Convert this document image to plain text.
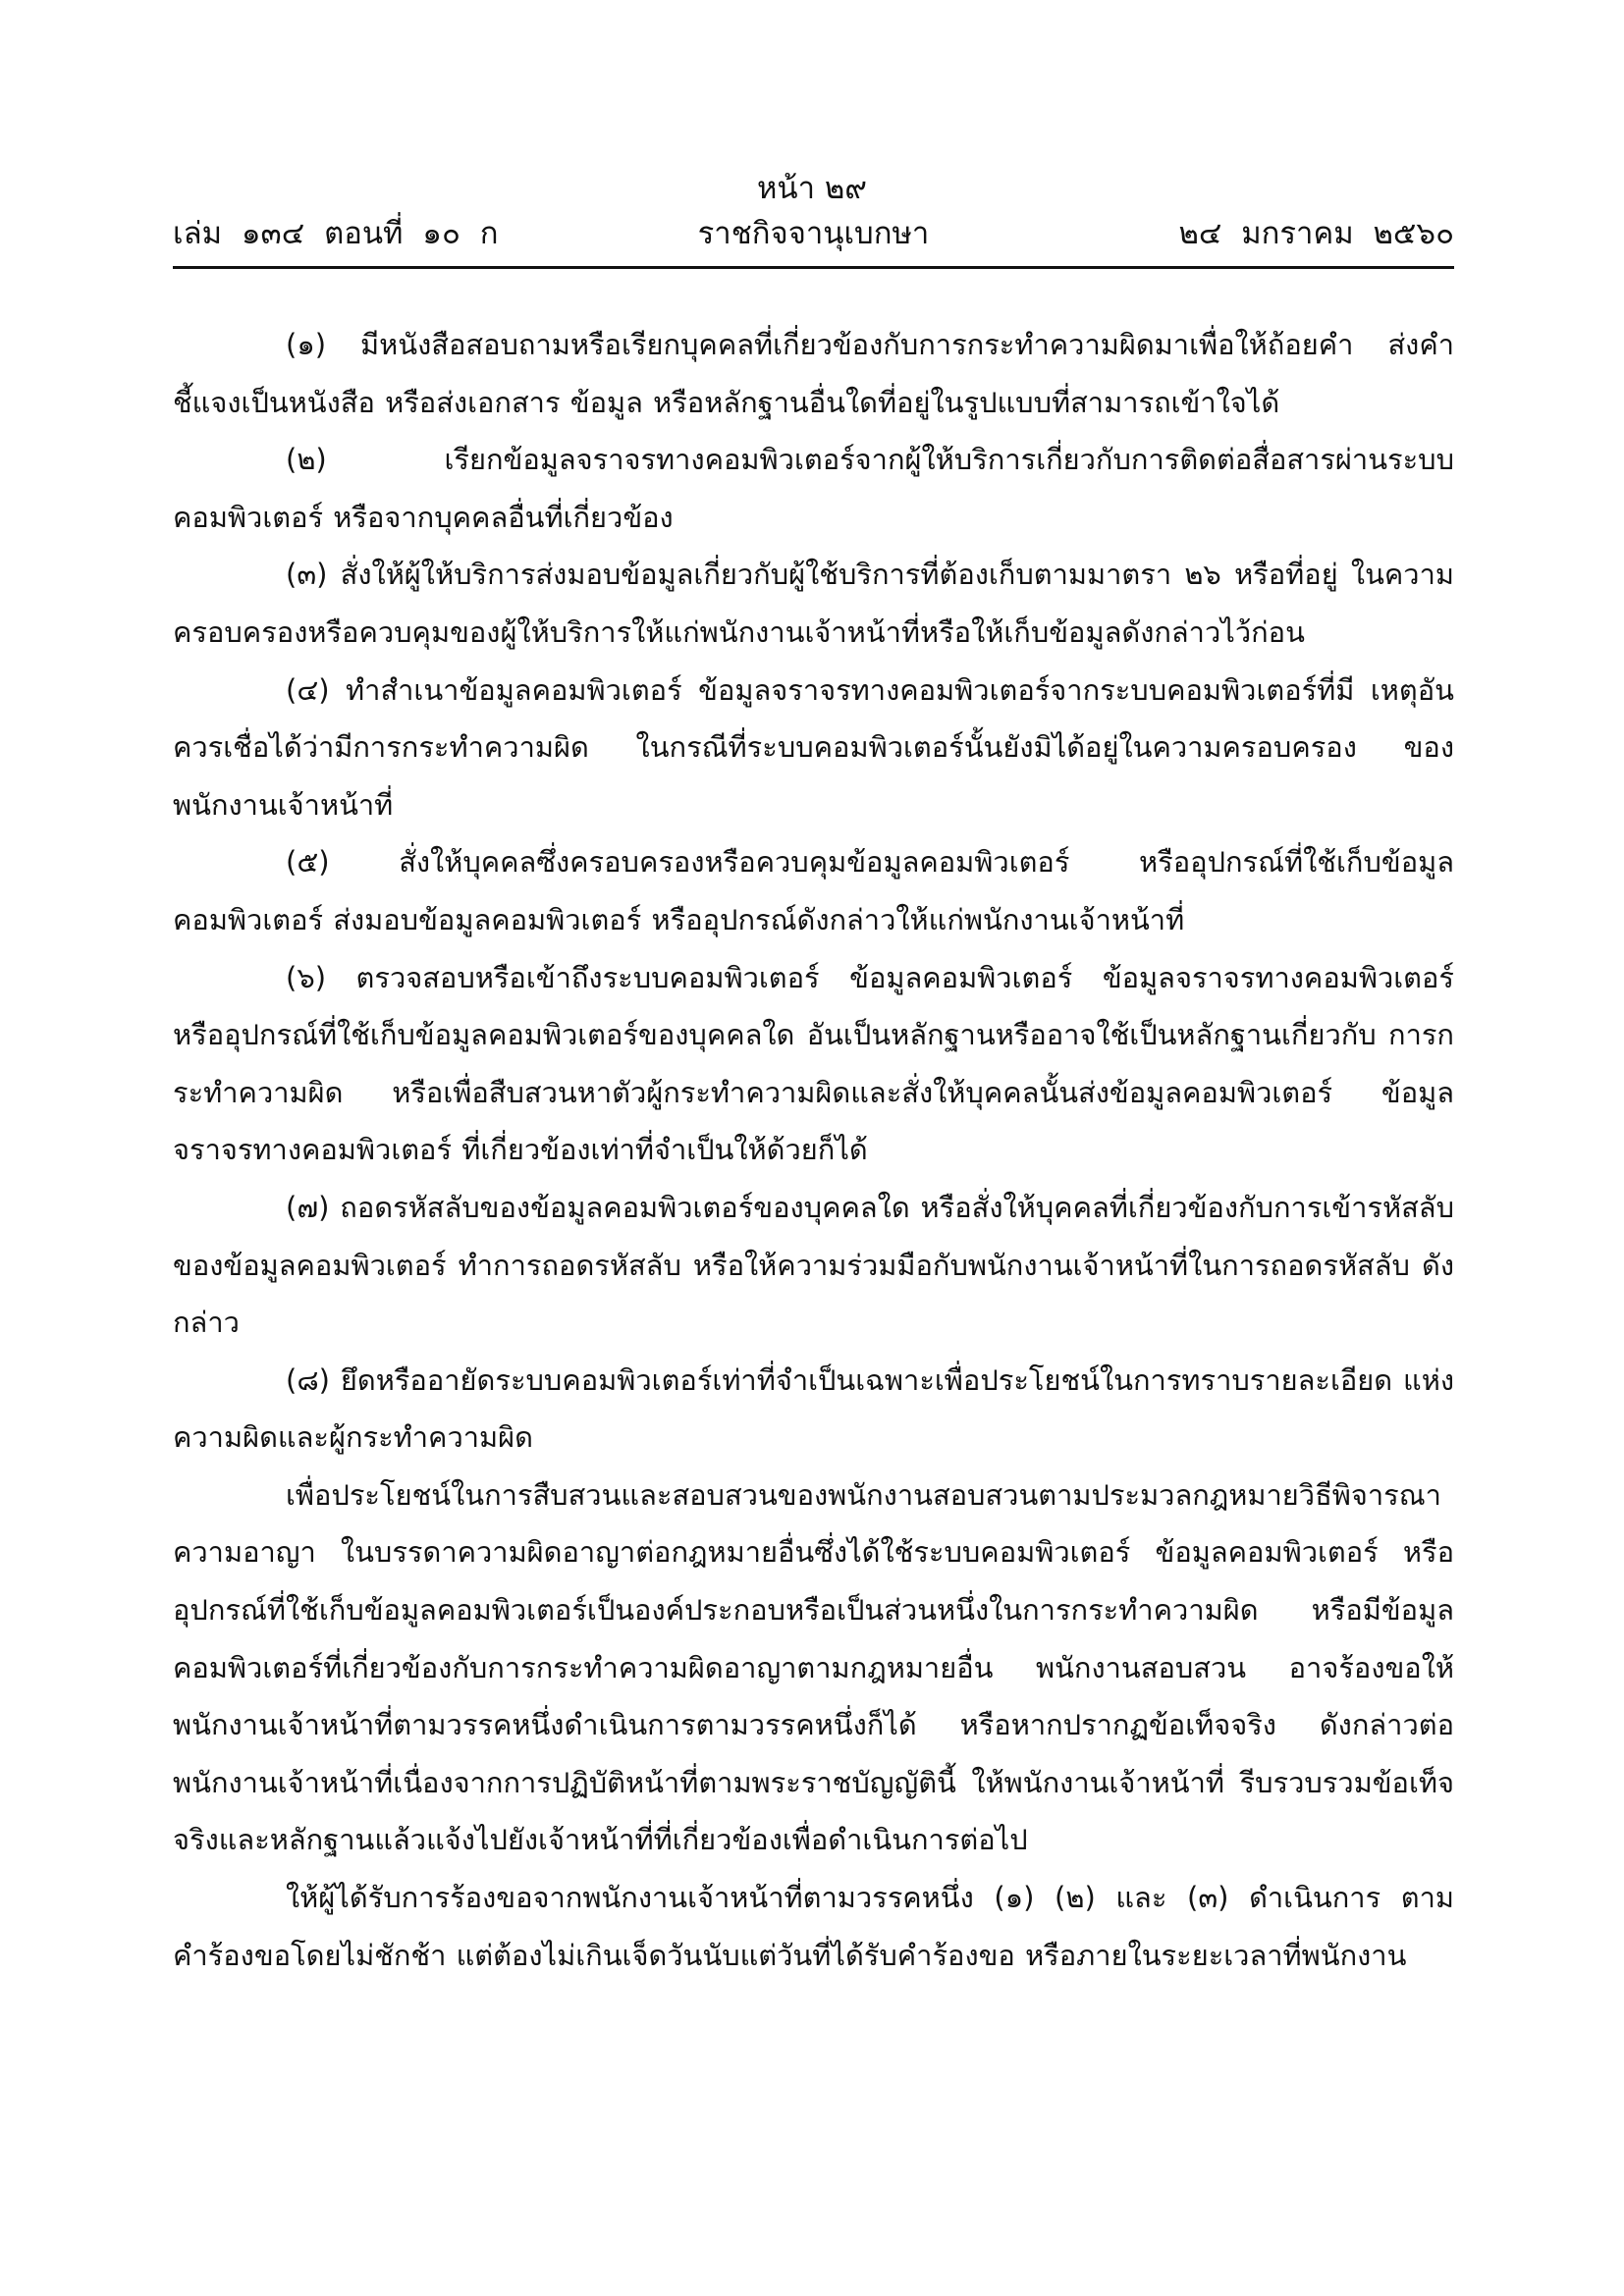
หน้า ๒๙
เล่ม ๑๓๔ ตอนที่ ๑๐ ก	ราชกิจจานุเบกษา	๒๔ มกราคม ๒๕๖๐

(๑) มีหนังสือสอบถามหรือเรียกบุคคลที่เกี่ยวข้องกับการกระทำความผิดมาเพื่อให้ถ้อยคำ ส่งคำชี้แจงเป็นหนังสือ หรือส่งเอกสาร ข้อมูล หรือหลักฐานอื่นใดที่อยู่ในรูปแบบที่สามารถเข้าใจได้

(๒) เรียกข้อมูลจราจรทางคอมพิวเตอร์จากผู้ให้บริการเกี่ยวกับการติดต่อสื่อสารผ่านระบบคอมพิวเตอร์ หรือจากบุคคลอื่นที่เกี่ยวข้อง

(๓) สั่งให้ผู้ให้บริการส่งมอบข้อมูลเกี่ยวกับผู้ใช้บริการที่ต้องเก็บตามมาตรา ๒๖ หรือที่อยู่ ในความครอบครองหรือควบคุมของผู้ให้บริการให้แก่พนักงานเจ้าหน้าที่หรือให้เก็บข้อมูลดังกล่าวไว้ก่อน

(๔) ทำสำเนาข้อมูลคอมพิวเตอร์ ข้อมูลจราจรทางคอมพิวเตอร์จากระบบคอมพิวเตอร์ที่มี เหตุอันควรเชื่อได้ว่ามีการกระทำความผิด ในกรณีที่ระบบคอมพิวเตอร์นั้นยังมิได้อยู่ในความครอบครอง ของพนักงานเจ้าหน้าที่

(๕) สั่งให้บุคคลซึ่งครอบครองหรือควบคุมข้อมูลคอมพิวเตอร์ หรืออุปกรณ์ที่ใช้เก็บข้อมูลคอมพิวเตอร์ ส่งมอบข้อมูลคอมพิวเตอร์ หรืออุปกรณ์ดังกล่าวให้แก่พนักงานเจ้าหน้าที่

(๖) ตรวจสอบหรือเข้าถึงระบบคอมพิวเตอร์ ข้อมูลคอมพิวเตอร์ ข้อมูลจราจรทางคอมพิวเตอร์ หรืออุปกรณ์ที่ใช้เก็บข้อมูลคอมพิวเตอร์ของบุคคลใด อันเป็นหลักฐานหรืออาจใช้เป็นหลักฐานเกี่ยวกับ การกระทำความผิด หรือเพื่อสืบสวนหาตัวผู้กระทำความผิดและสั่งให้บุคคลนั้นส่งข้อมูลคอมพิวเตอร์ ข้อมูลจราจรทางคอมพิวเตอร์ ที่เกี่ยวข้องเท่าที่จำเป็นให้ด้วยก็ได้

(๗) ถอดรหัสลับของข้อมูลคอมพิวเตอร์ของบุคคลใด หรือสั่งให้บุคคลที่เกี่ยวข้องกับการเข้ารหัสลับ ของข้อมูลคอมพิวเตอร์ ทำการถอดรหัสลับ หรือให้ความร่วมมือกับพนักงานเจ้าหน้าที่ในการถอดรหัสลับ ดังกล่าว

(๘) ยึดหรืออายัดระบบคอมพิวเตอร์เท่าที่จำเป็นเฉพาะเพื่อประโยชน์ในการทราบรายละเอียด แห่งความผิดและผู้กระทำความผิด

เพื่อประโยชน์ในการสืบสวนและสอบสวนของพนักงานสอบสวนตามประมวลกฎหมายวิธีพิจารณา ความอาญา ในบรรดาความผิดอาญาต่อกฎหมายอื่นซึ่งได้ใช้ระบบคอมพิวเตอร์ ข้อมูลคอมพิวเตอร์ หรืออุปกรณ์ที่ใช้เก็บข้อมูลคอมพิวเตอร์เป็นองค์ประกอบหรือเป็นส่วนหนึ่งในการกระทำความผิด หรือมีข้อมูลคอมพิวเตอร์ที่เกี่ยวข้องกับการกระทำความผิดอาญาตามกฎหมายอื่น พนักงานสอบสวน อาจร้องขอให้พนักงานเจ้าหน้าที่ตามวรรคหนึ่งดำเนินการตามวรรคหนึ่งก็ได้ หรือหากปรากฏข้อเท็จจริง ดังกล่าวต่อพนักงานเจ้าหน้าที่เนื่องจากการปฏิบัติหน้าที่ตามพระราชบัญญัตินี้ ให้พนักงานเจ้าหน้าที่ รีบรวบรวมข้อเท็จจริงและหลักฐานแล้วแจ้งไปยังเจ้าหน้าที่ที่เกี่ยวข้องเพื่อดำเนินการต่อไป

ให้ผู้ได้รับการร้องขอจากพนักงานเจ้าหน้าที่ตามวรรคหนึ่ง (๑) (๒) และ (๓) ดำเนินการ ตามคำร้องขอโดยไม่ชักช้า แต่ต้องไม่เกินเจ็ดวันนับแต่วันที่ได้รับคำร้องขอ หรือภายในระยะเวลาที่พนักงาน
